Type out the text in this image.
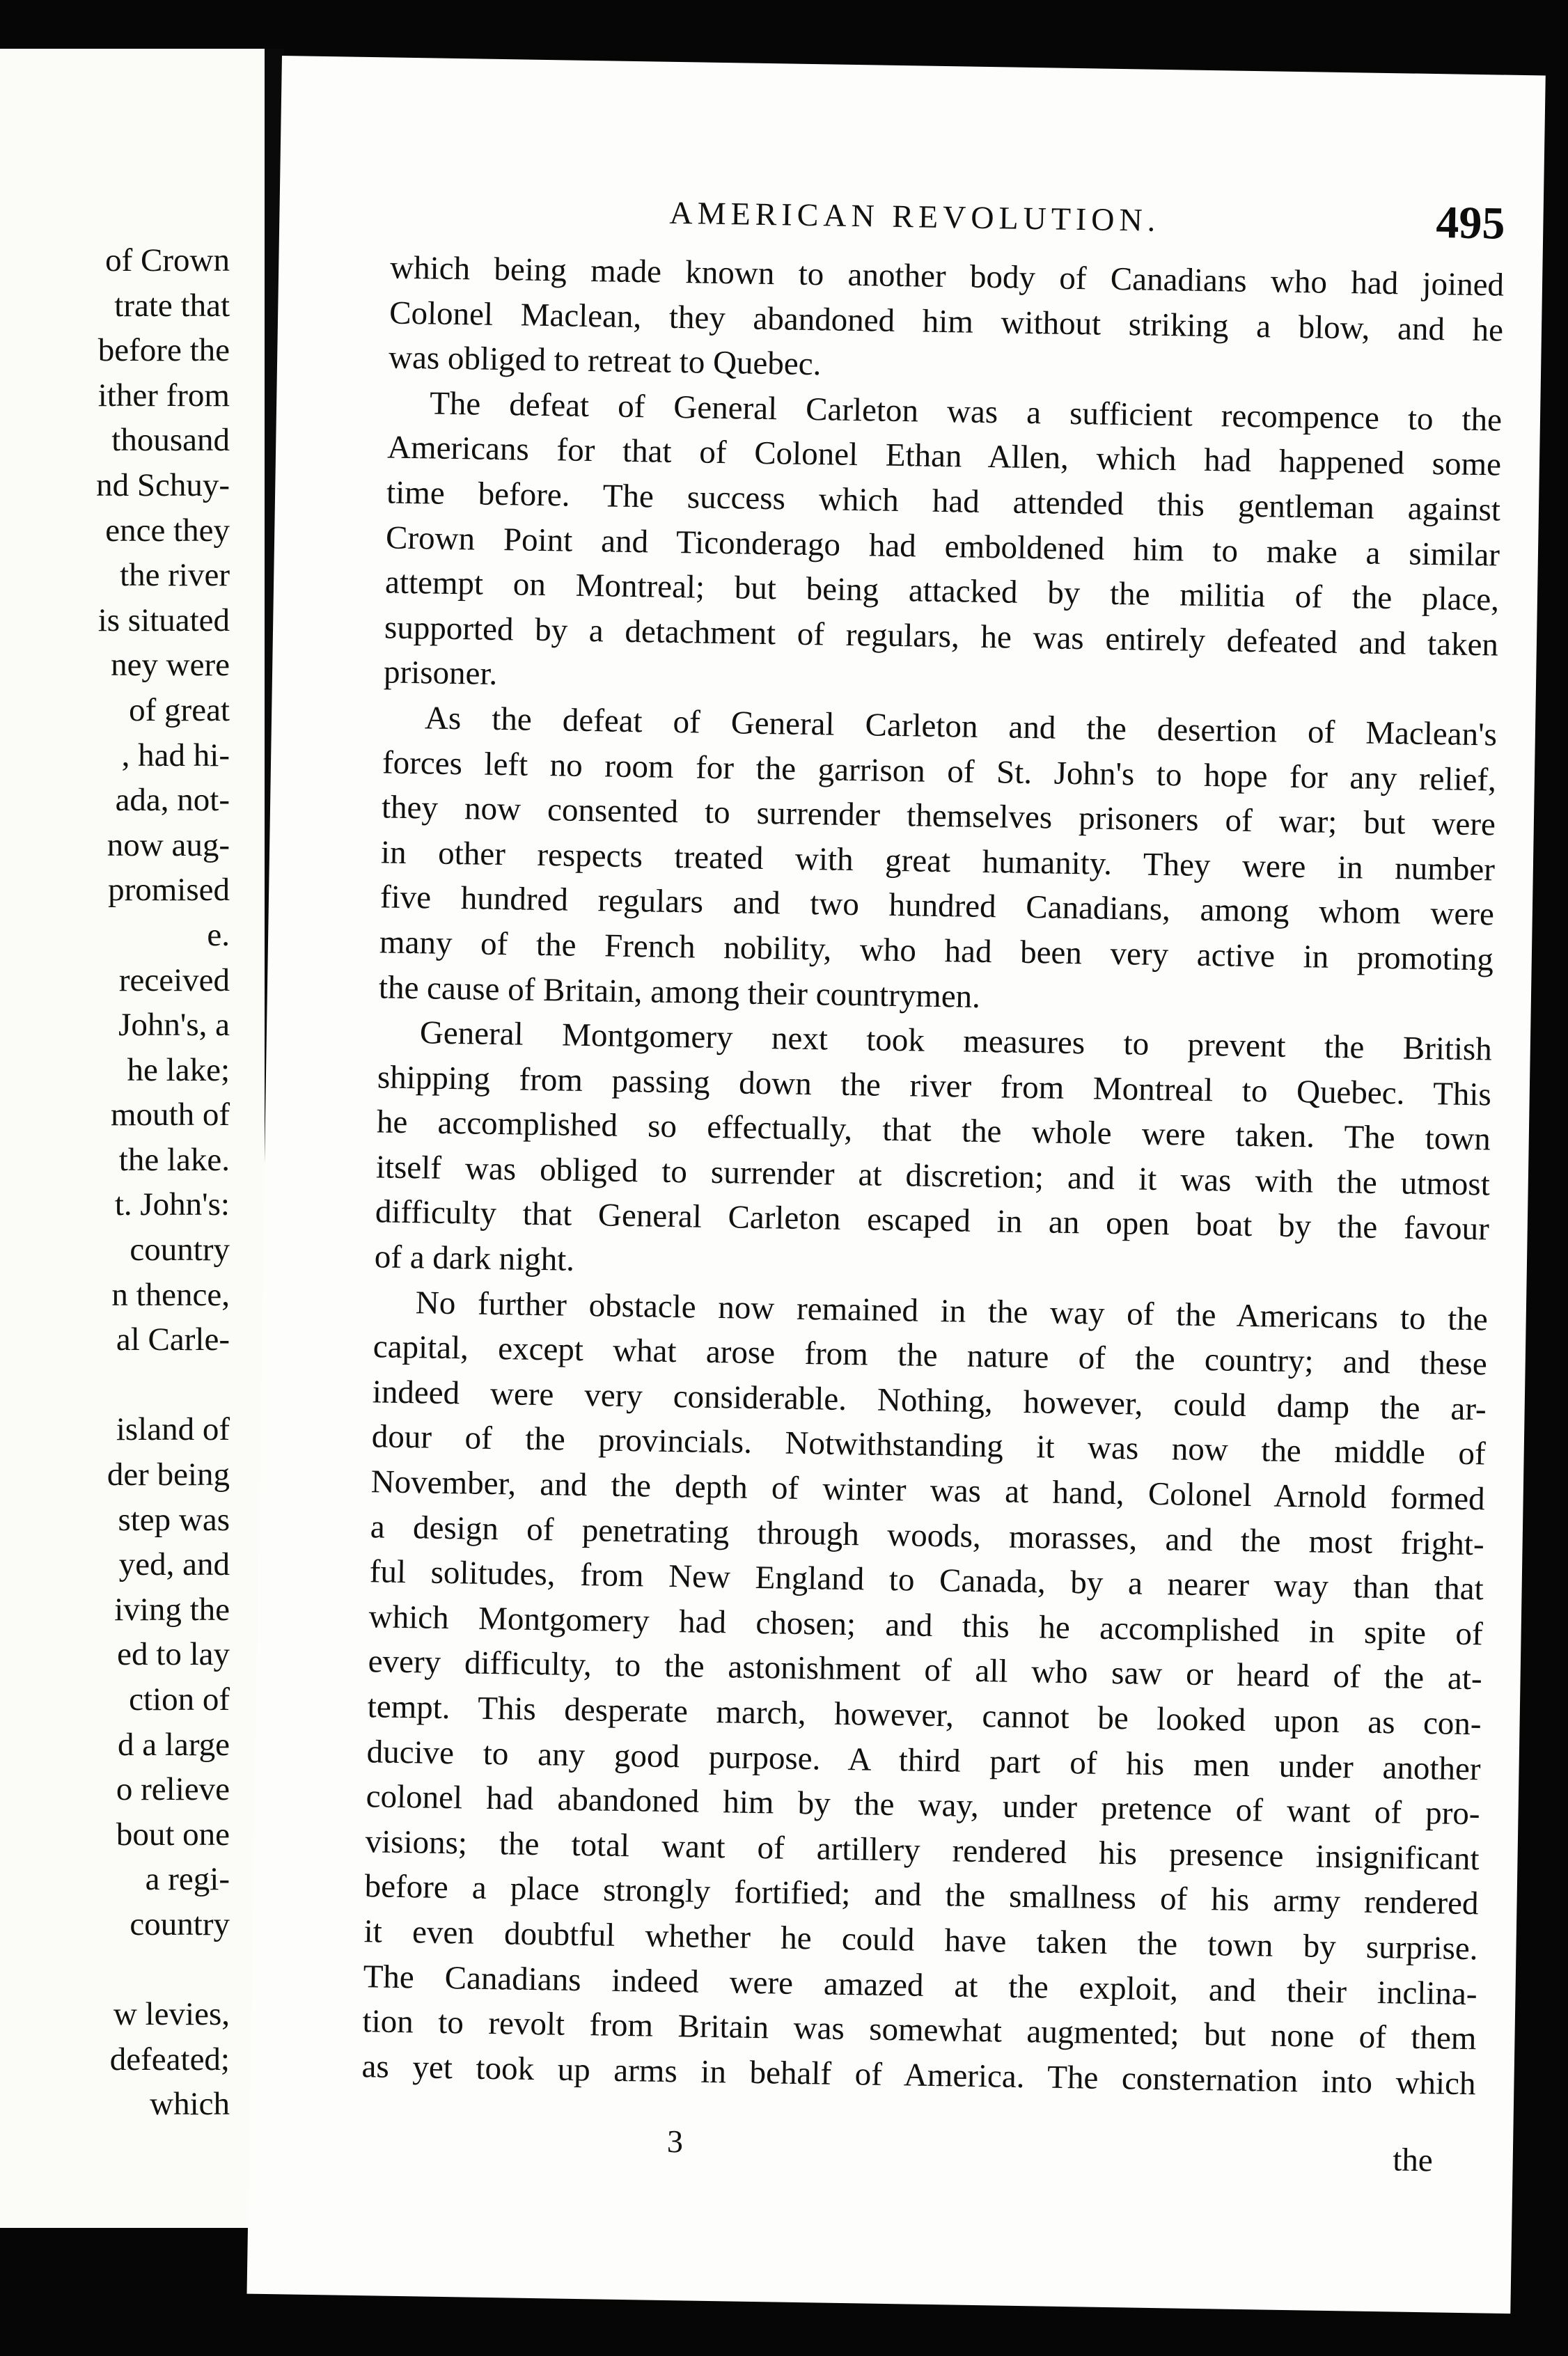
of Crown
trate that
before the
ither from
thousand
nd Schuy-
ence they
the river
is situated
ney were
of great
, had hi-
ada, not-
now aug-
promised
e.
received
John's, a
he lake;
mouth of
the lake.
t. John's:
country
n thence,
al Carle-
island of
der being
step was
yed, and
iving the
ed to lay
ction of
d a large
o relieve
bout one
a regi-
country
w levies,
defeated;
which
AMERICAN REVOLUTION.	495
which being made known to another body of Canadians who had joined
Colonel Maclean, they abandoned him without striking a blow, and he
was obliged to retreat to Quebec.
The defeat of General Carleton was a sufficient recompence to the
Americans for that of Colonel Ethan Allen, which had happened some
time before. The success which had attended this gentleman against
Crown Point and Ticonderago had emboldened him to make a similar
attempt on Montreal; but being attacked by the militia of the place,
supported by a detachment of regulars, he was entirely defeated and taken
prisoner.
As the defeat of General Carleton and the desertion of Maclean's
forces left no room for the garrison of St. John's to hope for any relief,
they now consented to surrender themselves prisoners of war; but were
in other respects treated with great humanity. They were in number
five hundred regulars and two hundred Canadians, among whom were
many of the French nobility, who had been very active in promoting
the cause of Britain, among their countrymen.
General Montgomery next took measures to prevent the British
shipping from passing down the river from Montreal to Quebec. This
he accomplished so effectually, that the whole were taken. The town
itself was obliged to surrender at discretion; and it was with the utmost
difficulty that General Carleton escaped in an open boat by the favour
of a dark night.
No further obstacle now remained in the way of the Americans to the
capital, except what arose from the nature of the country; and these
indeed were very considerable. Nothing, however, could damp the ar-
dour of the provincials. Notwithstanding it was now the middle of
November, and the depth of winter was at hand, Colonel Arnold formed
a design of penetrating through woods, morasses, and the most fright-
ful solitudes, from New England to Canada, by a nearer way than that
which Montgomery had chosen; and this he accomplished in spite of
every difficulty, to the astonishment of all who saw or heard of the at-
tempt. This desperate march, however, cannot be looked upon as con-
ducive to any good purpose. A third part of his men under another
colonel had abandoned him by the way, under pretence of want of pro-
visions; the total want of artillery rendered his presence insignificant
before a place strongly fortified; and the smallness of his army rendered
it even doubtful whether he could have taken the town by surprise.
The Canadians indeed were amazed at the exploit, and their inclina-
tion to revolt from Britain was somewhat augmented; but none of them
as yet took up arms in behalf of America. The consternation into which
3
the
